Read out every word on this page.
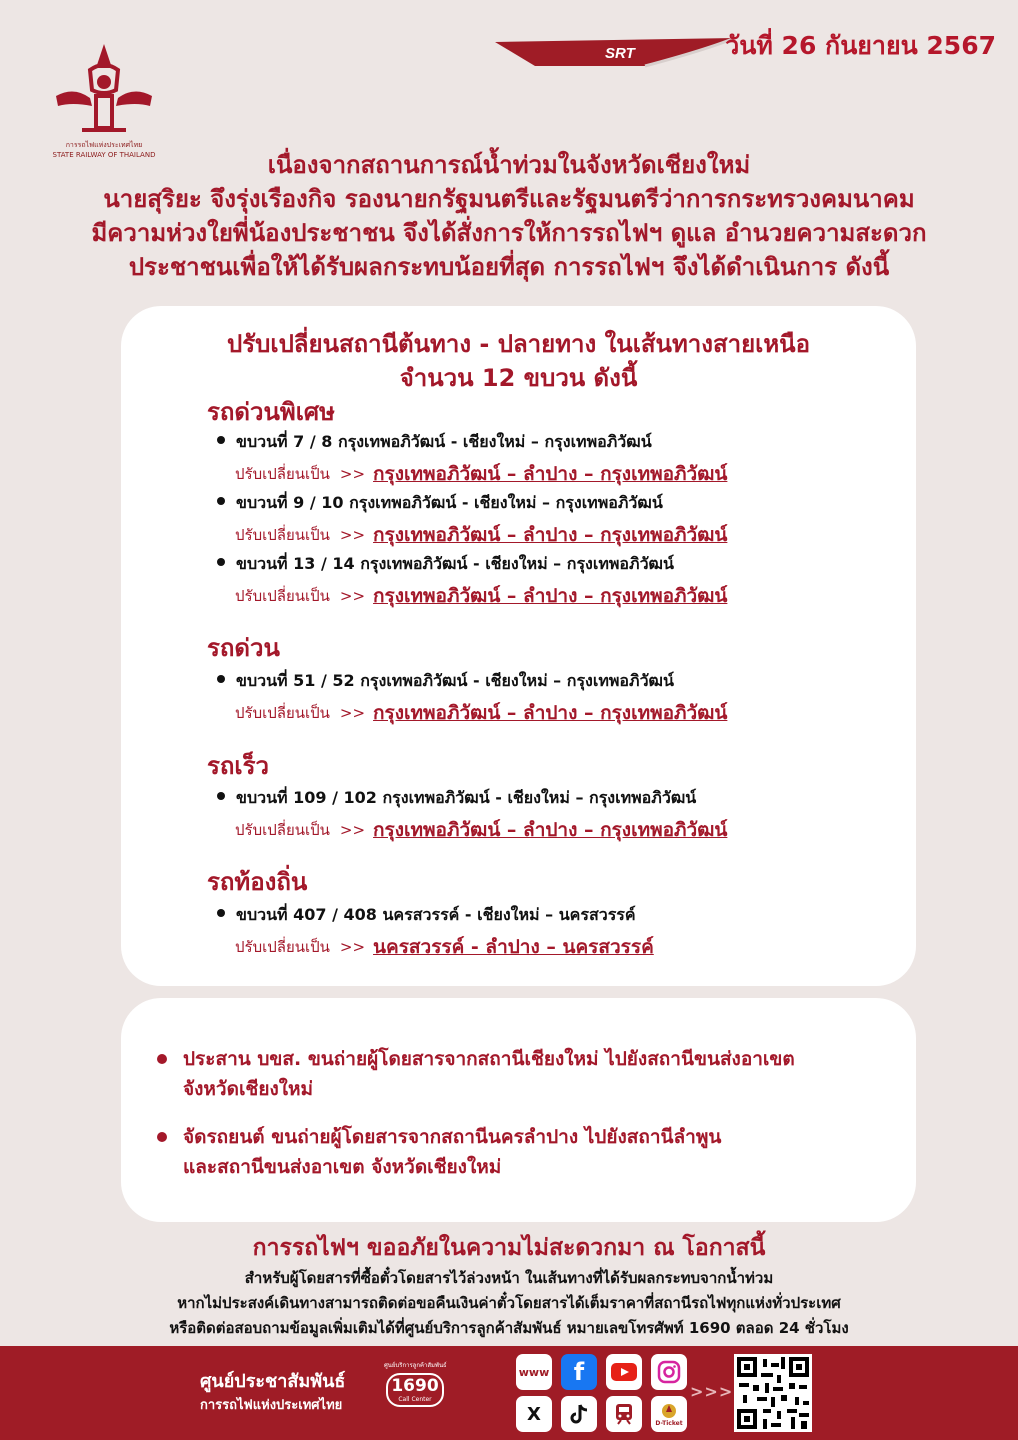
การรถไฟแห่งประเทศไทย
STATE RAILWAY OF THAILAND
SRT	วันที่ 26 กันยายน 2567
เนื่องจากสถานการณ์น้ำท่วมในจังหวัดเชียงใหม่
นายสุริยะ จึงรุ่งเรืองกิจ รองนายกรัฐมนตรีและรัฐมนตรีว่าการกระทรวงคมนาคม
มีความห่วงใยพี่น้องประชาชน จึงได้สั่งการให้การรถไฟฯ ดูแล อำนวยความสะดวก
ประชาชนเพื่อให้ได้รับผลกระทบน้อยที่สุด การรถไฟฯ จึงได้ดำเนินการ ดังนี้
ปรับเปลี่ยนสถานีต้นทาง - ปลายทาง ในเส้นทางสายเหนือ
จำนวน 12 ขบวน ดังนี้
รถด่วนพิเศษ
ขบวนที่ 7 / 8 กรุงเทพอภิวัฒน์ - เชียงใหม่ – กรุงเทพอภิวัฒน์
ปรับเปลี่ยนเป็น >> กรุงเทพอภิวัฒน์ – ลำปาง – กรุงเทพอภิวัฒน์
ขบวนที่ 9 / 10 กรุงเทพอภิวัฒน์ - เชียงใหม่ – กรุงเทพอภิวัฒน์
ปรับเปลี่ยนเป็น >> กรุงเทพอภิวัฒน์ – ลำปาง – กรุงเทพอภิวัฒน์
ขบวนที่ 13 / 14 กรุงเทพอภิวัฒน์ - เชียงใหม่ – กรุงเทพอภิวัฒน์
ปรับเปลี่ยนเป็น >> กรุงเทพอภิวัฒน์ – ลำปาง – กรุงเทพอภิวัฒน์
รถด่วน
ขบวนที่ 51 / 52 กรุงเทพอภิวัฒน์ - เชียงใหม่ – กรุงเทพอภิวัฒน์
ปรับเปลี่ยนเป็น >> กรุงเทพอภิวัฒน์ – ลำปาง – กรุงเทพอภิวัฒน์
รถเร็ว
ขบวนที่ 109 / 102 กรุงเทพอภิวัฒน์ - เชียงใหม่ – กรุงเทพอภิวัฒน์
ปรับเปลี่ยนเป็น >> กรุงเทพอภิวัฒน์ – ลำปาง – กรุงเทพอภิวัฒน์
รถท้องถิ่น
ขบวนที่ 407 / 408 นครสวรรค์ - เชียงใหม่ – นครสวรรค์
ปรับเปลี่ยนเป็น >> นครสวรรค์ - ลำปาง – นครสวรรค์
ประสาน บขส. ขนถ่ายผู้โดยสารจากสถานีเชียงใหม่ ไปยังสถานีขนส่งอาเขต
จังหวัดเชียงใหม่
จัดรถยนต์ ขนถ่ายผู้โดยสารจากสถานีนครลำปาง ไปยังสถานีลำพูน
และสถานีขนส่งอาเขต จังหวัดเชียงใหม่
การรถไฟฯ ขออภัยในความไม่สะดวกมา ณ โอกาสนี้
สำหรับผู้โดยสารที่ซื้อตั๋วโดยสารไว้ล่วงหน้า ในเส้นทางที่ได้รับผลกระทบจากน้ำท่วม
หากไม่ประสงค์เดินทางสามารถติดต่อขอคืนเงินค่าตั๋วโดยสารได้เต็มราคาที่สถานีรถไฟทุกแห่งทั่วประเทศ
หรือติดต่อสอบถามข้อมูลเพิ่มเติมได้ที่ศูนย์บริการลูกค้าสัมพันธ์ หมายเลขโทรศัพท์ 1690 ตลอด 24 ชั่วโมง
ศูนย์ประชาสัมพันธ์
การรถไฟแห่งประเทศไทย
ศูนย์บริการลูกค้าสัมพันธ์
1690
Call Center
www f
X	D-Ticket
>>>
